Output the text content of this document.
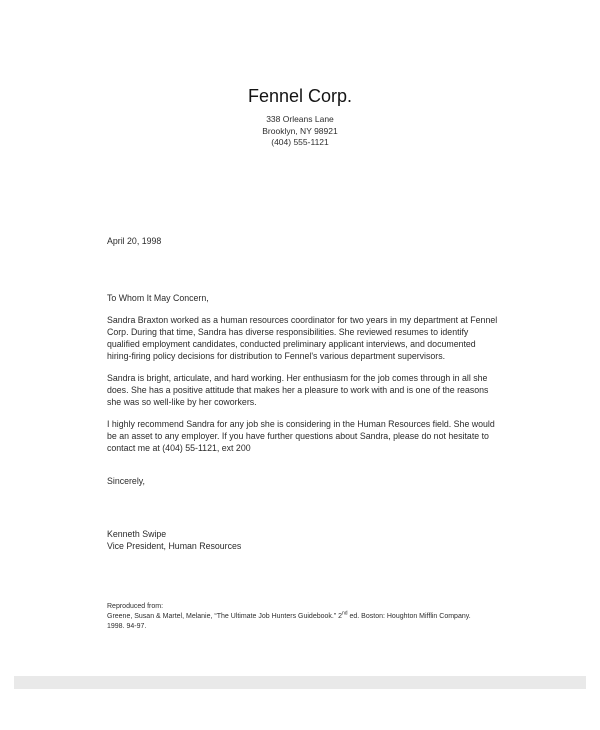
Fennel Corp.
338 Orleans Lane
Brooklyn, NY 98921
(404) 555-1121

April 20, 1998

To Whom It May Concern,

Sandra Braxton worked as a human resources coordinator for two years in my department at Fennel Corp. During that time, Sandra has diverse responsibilities. She reviewed resumes to identify qualified employment candidates, conducted preliminary applicant interviews, and documented hiring-firing policy decisions for distribution to Fennel's various department supervisors.

Sandra is bright, articulate, and hard working. Her enthusiasm for the job comes through in all she does. She has a positive attitude that makes her a pleasure to work with and is one of the reasons she was so well-like by her coworkers.

I highly recommend Sandra for any job she is considering in the Human Resources field. She would be an asset to any employer. If you have further questions about Sandra, please do not hesitate to contact me at (404) 55-1121, ext 200

Sincerely,

Kenneth Swipe
Vice President, Human Resources
Reproduced from:
Greene, Susan & Martel, Melanie, “The Ultimate Job Hunters Guidebook.” 2nd ed. Boston: Houghton Mifflin Company.
1998. 94-97.
